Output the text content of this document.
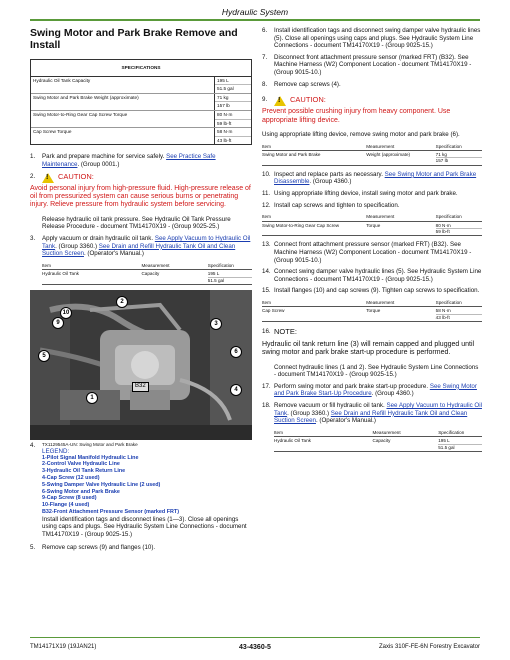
Hydraulic System
Swing Motor and Park Brake Remove and Install
SPECIFICATIONS
Hydraulic Oil Tank Capacity	195 L
51.5 gal
Swing Motor and Park Brake Weight (approximate)	71 kg
157 lb
Swing Motor-to-Ring Gear Cap Screw Torque	80 N·m
59 lb-ft
Cap Screw Torque	58 N·m
43 lb-ft
1.	Park and prepare machine for service safely. See Practice Safe Maintenance. (Group 0001.)
2. !	CAUTION:
Avoid personal injury from high-pressure fluid. High-pressure release of oil from pressurized system can cause serious burns or penetrating injury. Relieve pressure from hydraulic system before servicing.
Release hydraulic oil tank pressure. See Hydraulic Oil Tank Pressure Release Procedure - document TM14170X19 - (Group 9025-25.)
3.	Apply vacuum or drain hydraulic oil tank. See Apply Vacuum to Hydraulic Oil Tank. (Group 3360.) See Drain and Refill Hydraulic Tank Oil and Clean Suction Screen. (Operator's Manual.)
Item	Measurement	Specification
Hydraulic Oil Tank	Capacity	195 L
51.5 gal
2
3
10
9
5
6
4
1
B32
4.	TX1129545A-UN: Swing Motor and Park Brake
LEGEND:
1-Pilot Signal Manifold Hydraulic Line
2-Control Valve Hydraulic Line
3-Hydraulic Oil Tank Return Line
4-Cap Screw (12 used)
5-Swing Damper Valve Hydraulic Line (2 used)
6-Swing Motor and Park Brake
9-Cap Screw (8 used)
10-Flange (4 used)
B32-Front Attachment Pressure Sensor (marked FRT)
Install identification tags and disconnect lines (1—3). Close all openings using caps and plugs. See Hydraulic System Line Connections - document TM14170X19 - (Group 9025-15.)
5.	Remove cap screws (9) and flanges (10).
6.	Install identification tags and disconnect swing damper valve hydraulic lines (5). Close all openings using caps and plugs. See Hydraulic System Line Connections - document TM14170X19 - (Group 9025-15.)
7.	Disconnect front attachment pressure sensor (marked FRT) (B32). See Machine Harness (W2) Component Location - document TM14170X19 - (Group 9015-10.)
8.	Remove cap screws (4).
9. !	CAUTION:
Prevent possible crushing injury from heavy component. Use appropriate lifting device.
Using appropriate lifting device, remove swing motor and park brake (6).
Item	Measurement	Specification
Swing Motor and Park Brake	Weight (approximate)	71 kg
157 lb
10. Inspect and replace parts as necessary. See Swing Motor and Park Brake Disassemble. (Group 4360.)
11. Using appropriate lifting device, install swing motor and park brake.
12. Install cap screws and tighten to specification.
Item	Measurement	Specification
Swing Motor-to-Ring Gear Cap Screw	Torque	80 N·m
59 lb-ft
13. Connect front attachment pressure sensor (marked FRT) (B32). See Machine Harness (W2) Component Location - document TM14170X19 - (Group 9015-10.)
14. Connect swing damper valve hydraulic lines (5). See Hydraulic System Line Connections - document TM14170X19 - (Group 9025-15.)
15. Install flanges (10) and cap screws (9). Tighten cap screws to specification.
Item	Measurement	Specification
Cap Screw	Torque	58 N·m
43 lb-ft
16. NOTE:
Hydraulic oil tank return line (3) will remain capped and plugged until swing motor and park brake start-up procedure is performed.
Connect hydraulic lines (1 and 2). See Hydraulic System Line Connections - document TM14170X19 - (Group 9025-15.)
17. Perform swing motor and park brake start-up procedure. See Swing Motor and Park Brake Start-Up Procedure. (Group 4360.)
18. Remove vacuum or fill hydraulic oil tank. See Apply Vacuum to Hydraulic Oil Tank. (Group 3360.) See Drain and Refill Hydraulic Tank Oil and Clean Suction Screen. (Operator's Manual.)
Item	Measurement	Specification
Hydraulic Oil Tank	Capacity	195 L
51.5 gal
TM14171X19 (19JAN21)	43-4360-5	Zaxis 310F-FE-6N Forestry Excavator
